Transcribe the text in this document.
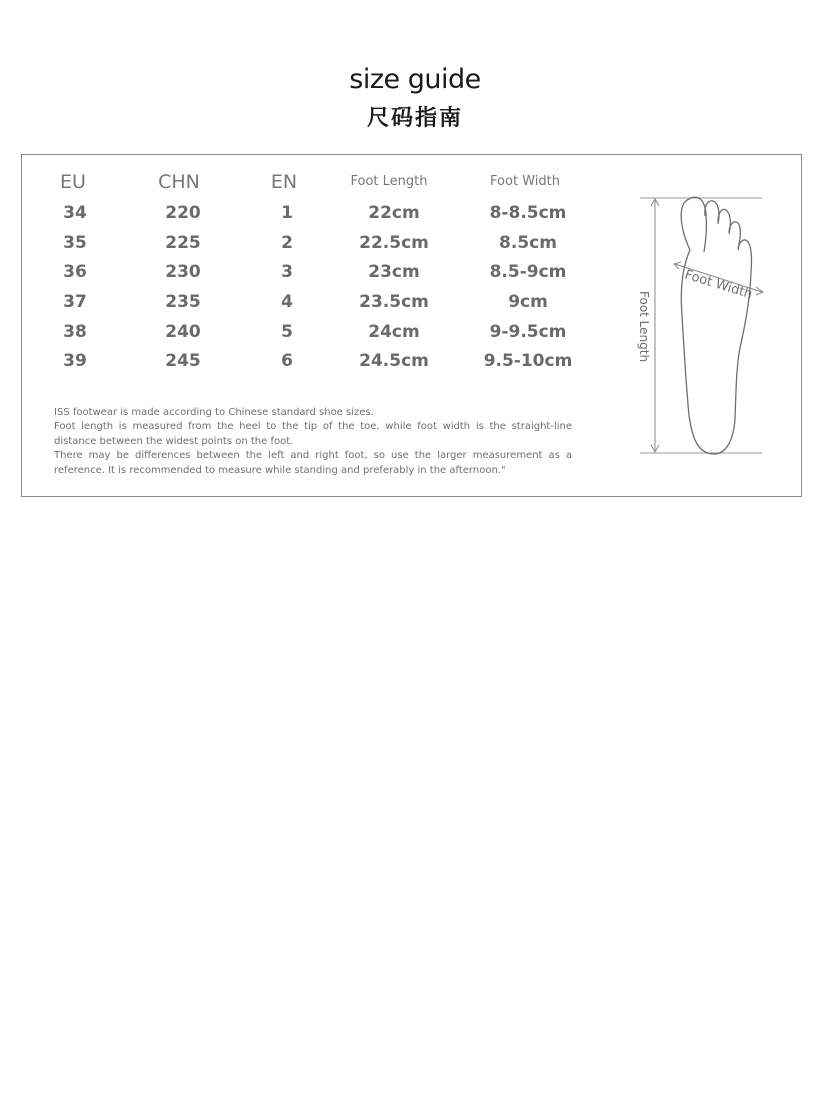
size guide
尺码指南
EU	CHN	EN	Foot Length	Foot Width
34	220	1	22cm	8-8.5cm
35	225	2	22.5cm	8.5cm
36	230	3	23cm	8.5-9cm
37	235	4	23.5cm	9cm
38	240	5	24cm	9-9.5cm
39	245	6	24.5cm	9.5-10cm

ISS footwear is made according to Chinese standard shoe sizes.

Foot length is measured from the heel to the tip of the toe, while foot width is the straight-line distance between the widest points on the foot.

There may be differences between the left and right foot, so use the larger measurement as a reference. It is recommended to measure while standing and preferably in the afternoon."

Foot Width
Foot Length
